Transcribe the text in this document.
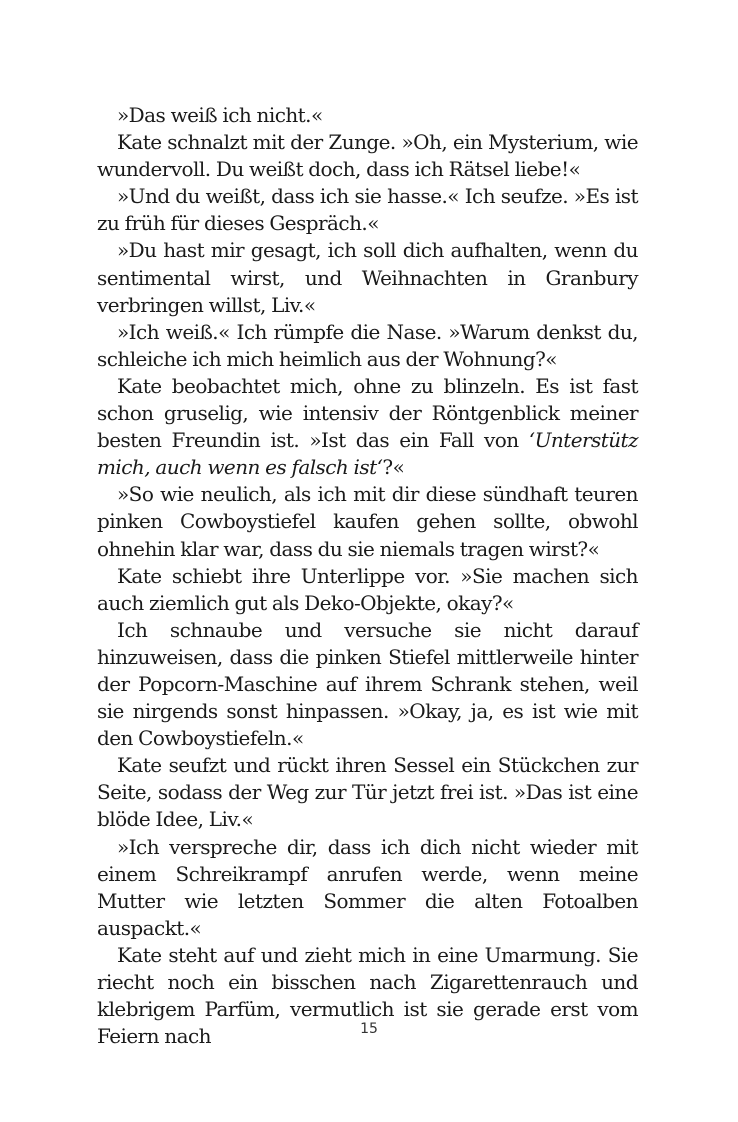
»Das weiß ich nicht.«

Kate schnalzt mit der Zunge. »Oh, ein Mysterium, wie wundervoll. Du weißt doch, dass ich Rätsel liebe!«

»Und du weißt, dass ich sie hasse.« Ich seufze. »Es ist zu früh für dieses Gespräch.«

»Du hast mir gesagt, ich soll dich aufhalten, wenn du sentimental wirst, und Weihnachten in Granbury verbringen willst, Liv.«

»Ich weiß.« Ich rümpfe die Nase. »Warum denkst du, schleiche ich mich heimlich aus der Wohnung?«

Kate beobachtet mich, ohne zu blinzeln. Es ist fast schon gruselig, wie intensiv der Röntgenblick meiner besten Freundin ist. »Ist das ein Fall von ‘Unterstütz mich, auch wenn es falsch ist‘?«

»So wie neulich, als ich mit dir diese sündhaft teuren pinken Cowboystiefel kaufen gehen sollte, obwohl ohnehin klar war, dass du sie niemals tragen wirst?«

Kate schiebt ihre Unterlippe vor. »Sie machen sich auch ziemlich gut als Deko-Objekte, okay?«

Ich schnaube und versuche sie nicht darauf hinzuweisen, dass die pinken Stiefel mittlerweile hinter der Popcorn-Maschine auf ihrem Schrank stehen, weil sie nirgends sonst hinpassen. »Okay, ja, es ist wie mit den Cowboystiefeln.«

Kate seufzt und rückt ihren Sessel ein Stückchen zur Seite, sodass der Weg zur Tür jetzt frei ist. »Das ist eine blöde Idee, Liv.«

»Ich verspreche dir, dass ich dich nicht wieder mit einem Schreikrampf anrufen werde, wenn meine Mutter wie letzten Sommer die alten Fotoalben auspackt.«

Kate steht auf und zieht mich in eine Umarmung. Sie riecht noch ein bisschen nach Zigarettenrauch und klebrigem Parfüm, vermutlich ist sie gerade erst vom Feiern nach	15
